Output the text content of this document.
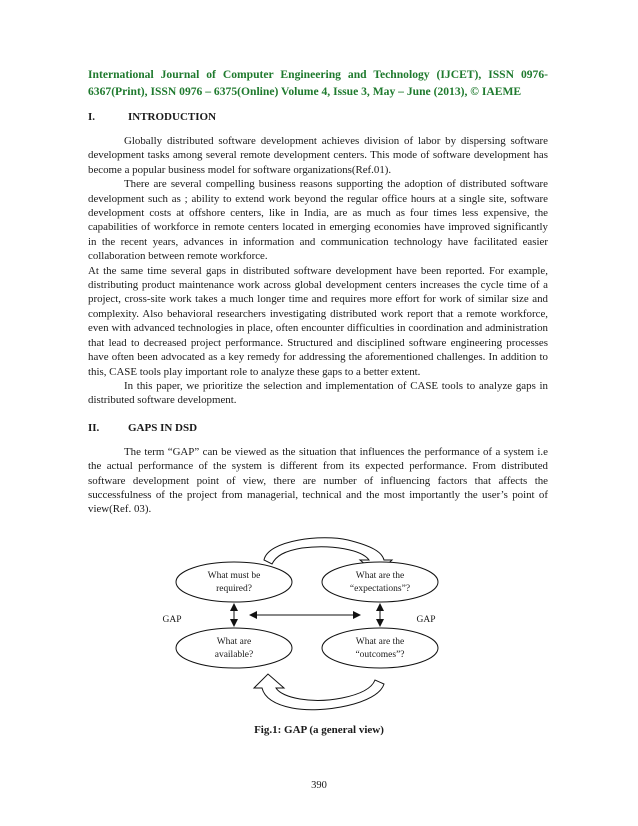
International Journal of Computer Engineering and Technology (IJCET), ISSN 0976- 6367(Print), ISSN 0976 – 6375(Online) Volume 4, Issue 3, May – June (2013), © IAEME
I.	INTRODUCTION

Globally distributed software development achieves division of labor by dispersing software development tasks among several remote development centers. This mode of software development has become a popular business model for software organizations(Ref.01).

There are several compelling business reasons supporting the adoption of distributed software development such as ; ability to extend work beyond the regular office hours at a single site, software development costs at offshore centers, like in India, are as much as four times less expensive, the capabilities of workforce in remote centers located in emerging economies have improved significantly in the recent years, advances in information and communication technology have facilitated easier collaboration between remote workforce.

At the same time several gaps in distributed software development have been reported. For example, distributing product maintenance work across global development centers increases the cycle time of a project, cross-site work takes a much longer time and requires more effort for work of similar size and complexity. Also behavioral researchers investigating distributed work report that a remote workforce, even with advanced technologies in place, often encounter difficulties in coordination and administration that lead to decreased project performance. Structured and disciplined software engineering processes have often been advocated as a key remedy for addressing the aforementioned challenges. In addition to this, CASE tools play important role to analyze these gaps to a better extent.

In this paper, we prioritize the selection and implementation of CASE tools to analyze gaps in distributed software development.

II.	GAPS IN DSD

The term “GAP” can be viewed as the situation that influences the performance of a system i.e the actual performance of the system is different from its expected performance. From distributed software development point of view, there are number of influencing factors that affects the successfulness of the project from managerial, technical and the most importantly the user’s point of view(Ref. 03).

What must be
required?
What are the
“expectations”?
What are
available?
What are the
“outcomes”?
GAP	GAP
Fig.1: GAP (a general view)
390
